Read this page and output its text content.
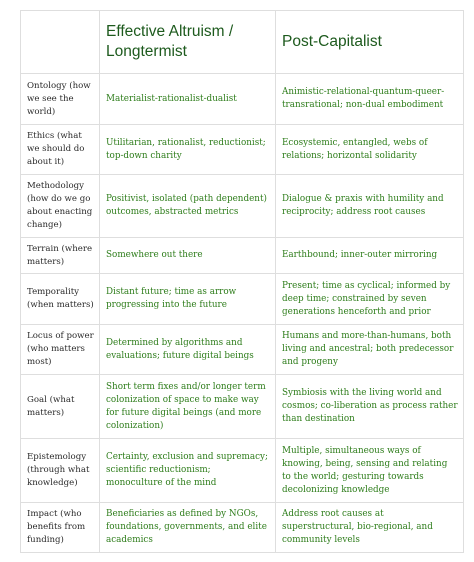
	Effective Altruism / Longtermist	Post-Capitalist
Ontology (how we see the world)	Materialist-rationalist-dualist	Animistic-relational-quantum-queer-transrational; non-dual embodiment
Ethics (what we should do about it)	Utilitarian, rationalist, reductionist; top-down charity	Ecosystemic, entangled, webs of relations; horizontal solidarity
Methodology (how do we go about enacting change)	Positivist, isolated (path dependent) outcomes, abstracted metrics	Dialogue & praxis with humility and reciprocity; address root causes
Terrain (where matters)	Somewhere out there	Earthbound; inner-outer mirroring
Temporality (when matters)	Distant future; time as arrow progressing into the future	Present; time as cyclical; informed by deep time; constrained by seven generations henceforth and prior
Locus of power (who matters most)	Determined by algorithms and evaluations; future digital beings	Humans and more-than-humans, both living and ancestral; both predecessor and progeny
Goal (what matters)	Short term fixes and/or longer term colonization of space to make way for future digital beings (and more colonization)	Symbiosis with the living world and cosmos; co-liberation as process rather than destination
Epistemology (through what knowledge)	Certainty, exclusion and supremacy; scientific reductionism; monoculture of the mind	Multiple, simultaneous ways of knowing, being, sensing and relating to the world; gesturing towards decolonizing knowledge
Impact (who benefits from funding)	Beneficiaries as defined by NGOs, foundations, governments, and elite academics	Address root causes at superstructural, bio-regional, and community levels
